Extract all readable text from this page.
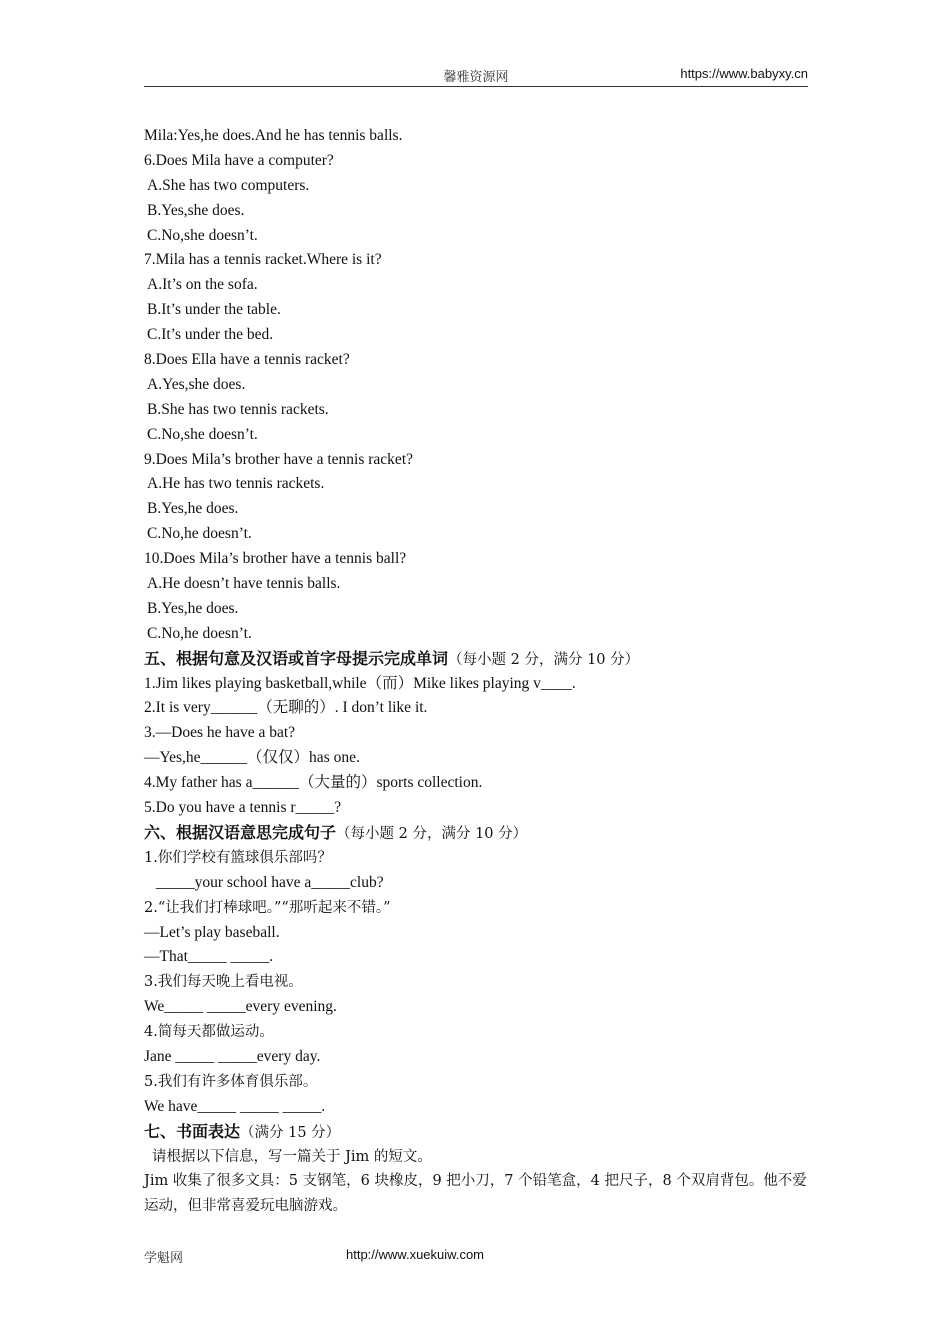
馨雅资源网	https://www.babyxy.cn
Mila:Yes,he does.And he has tennis balls.
6.Does Mila have a computer?
A.She has two computers.
B.Yes,she does.
C.No,she doesn’t.
7.Mila has a tennis racket.Where is it?
A.It’s on the sofa.
B.It’s under the table.
C.It’s under the bed.
8.Does Ella have a tennis racket?
A.Yes,she does.
B.She has two tennis rackets.
C.No,she doesn’t.
9.Does Mila’s brother have a tennis racket?
A.He has two tennis rackets.
B.Yes,he does.
C.No,he doesn’t.
10.Does Mila’s brother have a tennis ball?
A.He doesn’t have tennis balls.
B.Yes,he does.
C.No,he doesn’t.
五、根据句意及汉语或首字母提示完成单词（每小题 2 分，满分 10 分）
1.Jim likes playing basketball,while（而）Mike likes playing v____.
2.It is very______（无聊的）. I don’t like it.
3.—Does he have a bat?
—Yes,he______（仅仅）has one.
4.My father has a______（大量的）sports collection.
5.Do you have a tennis r_____?
六、根据汉语意思完成句子（每小题 2 分，满分 10 分）
1.你们学校有篮球俱乐部吗？
_____your school have a_____club?
2.“让我们打棒球吧。”“那听起来不错。”
—Let’s play baseball.
—That_____ _____.
3.我们每天晚上看电视。
We_____ _____every evening.
4.简每天都做运动。
Jane _____ _____every day.
5.我们有许多体育俱乐部。
We have_____ _____ _____.
七、书面表达（满分 15 分）
请根据以下信息，写一篇关于 Jim 的短文。
Jim 收集了很多文具：5 支钢笔，6 块橡皮，9 把小刀，7 个铅笔盒，4 把尺子，8 个双肩背包。他不爱运动，但非常喜爱玩电脑游戏。
学魁网	http://www.xuekuiw.com
